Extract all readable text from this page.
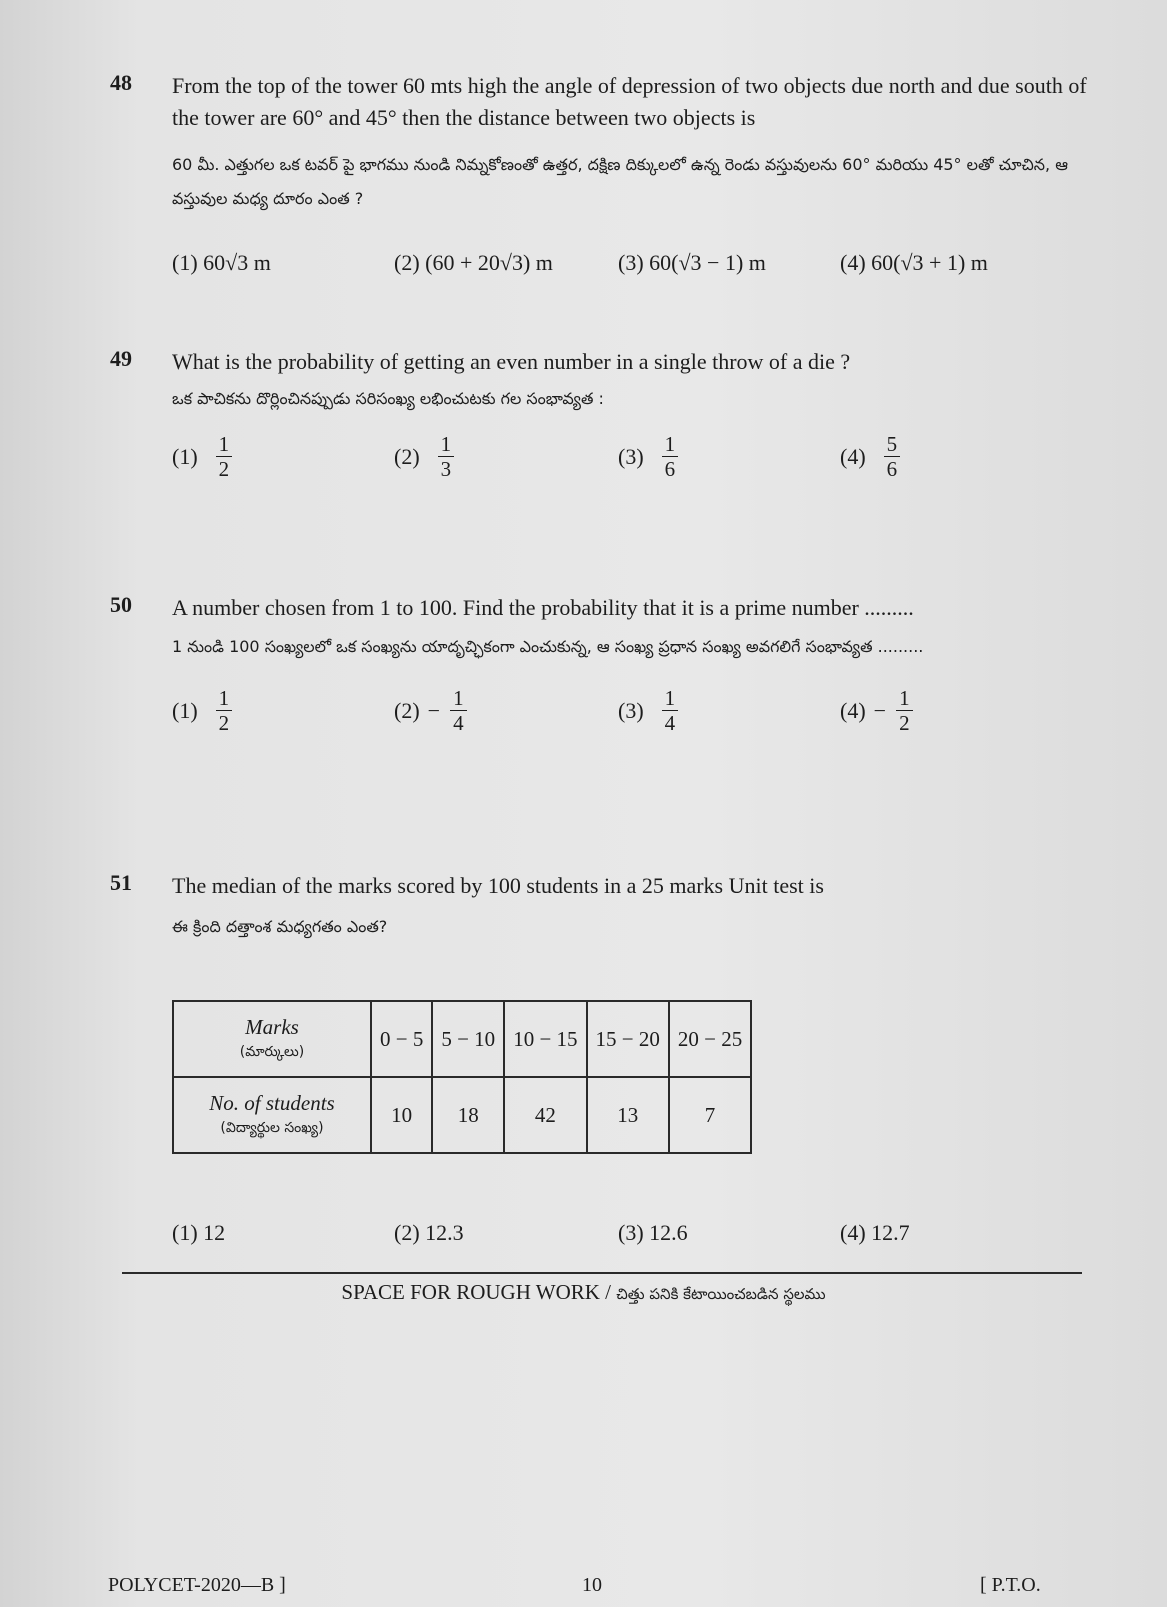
48 From the top of the tower 60 mts high the angle of depression of two objects due north and due south of the tower are 60° and 45° then the distance between two objects is
60 మీ. ఎత్తుగల ఒక టవర్ పై భాగము నుండి నిమ్నకోణంతో ఉత్తర, దక్షిణ దిక్కులలో ఉన్న రెండు వస్తువులను 60° మరియు 45° లతో చూచిన, ఆ వస్తువుల మధ్య దూరం ఎంత ?
(1) 60√3 m	(2) (60 + 20√3) m	(3) 60(√3 − 1) m	(4) 60(√3 + 1) m
49 What is the probability of getting an even number in a single throw of a die ?
ఒక పాచికను దొర్లించినప్పుడు సరిసంఖ్య లభించుటకు గల సంభావ్యత :
$(1) \frac{1}{2}$	$(2) \frac{1}{3}$	$(3) \frac{1}{6}$	$(4) \frac{5}{6}$
50 A number chosen from 1 to 100. Find the probability that it is a prime number .........
1 నుండి 100 సంఖ్యలలో ఒక సంఖ్యను యాదృచ్ఛికంగా ఎంచుకున్న, ఆ సంఖ్య ప్రధాన సంఖ్య అవగలిగే సంభావ్యత .........
$(1) \frac{1}{2}$	$(2) - \frac{1}{4}$	$(3) \frac{1}{4}$	$(4) - \frac{1}{2}$
51 The median of the marks scored by 100 students in a 25 marks Unit test is
ఈ క్రింది దత్తాంశ మధ్యగతం ఎంత?
Marks
(మార్కులు)	0 − 5	5 − 10	10 − 15	15 − 20	20 − 25
No. of students
(విద్యార్థుల సంఖ్య)	10	18	42	13	7
(1) 12	(2) 12.3	(3) 12.6	(4) 12.7
SPACE FOR ROUGH WORK / చిత్తు పనికి కేటాయించబడిన స్థలము
POLYCET-2020—B ]	10	[ P.T.O.
